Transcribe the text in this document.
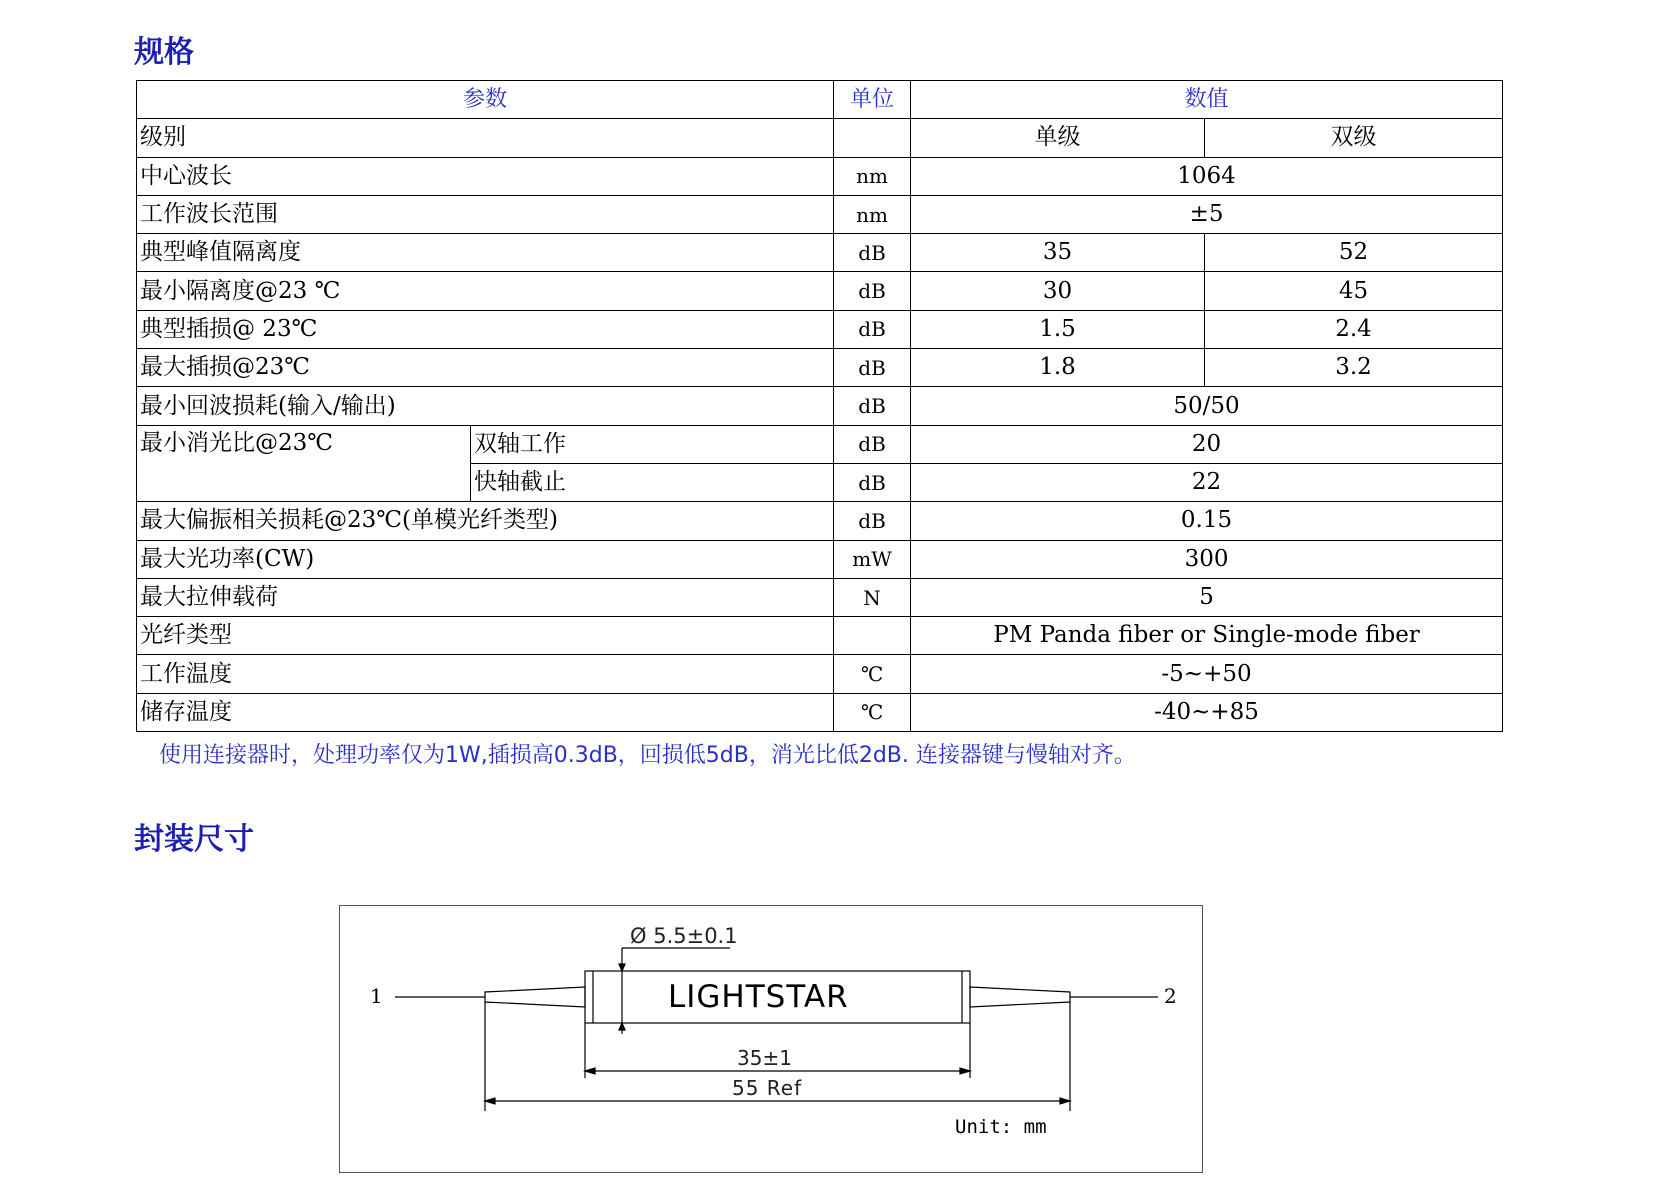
规格
参数		单位	数值	
级别			单级	双级
中心波长		nm	1064	
工作波长范围		nm	±5	
典型峰值隔离度		dB	35	52
最小隔离度@23 ℃		dB	30	45
典型插损@ 23℃		dB	1.5	2.4
最大插损@23℃		dB	1.8	3.2
最小回波损耗(输入/输出)		dB	50/50	
最小消光比@23℃	双轴工作	dB	20	
	快轴截止	dB	22	
最大偏振相关损耗@23℃(单模光纤类型)		dB	0.15	
最大光功率(CW)		mW	300	
最大拉伸载荷		N	5	
光纤类型			PM Panda fiber or Single-mode fiber	
工作温度		℃	-5~+50	
储存温度		℃	-40~+85	

使用连接器时，处理功率仅为1W,插损高0.3dB，回损低5dB，消光比低2dB. 连接器键与慢轴对齐。

封装尺寸
1	2
Ø 5.5±0.1
LIGHTSTAR
35±1
55 Ref
Unit: mm
